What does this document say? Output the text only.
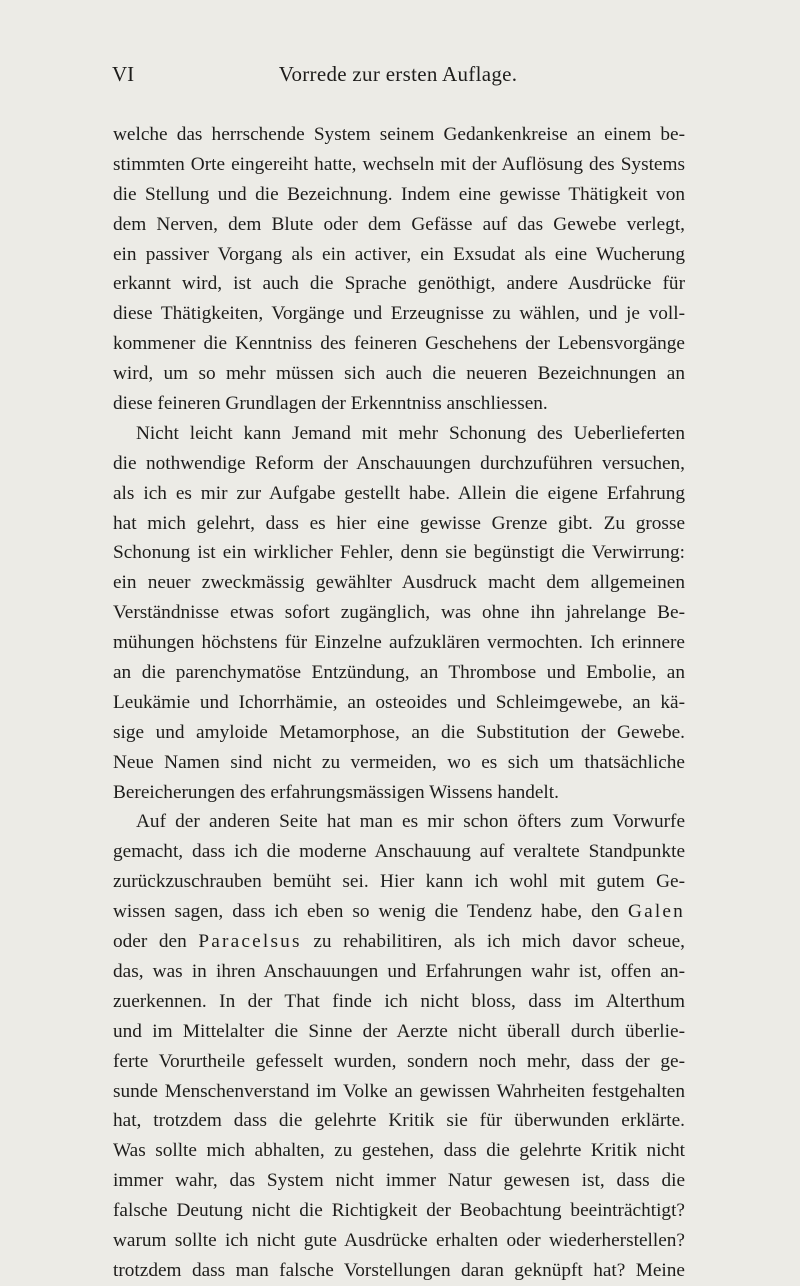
VI	Vorrede zur ersten Auflage.
welche das herrschende System seinem Gedankenkreise an einem be-
stimmten Orte eingereiht hatte, wechseln mit der Auflösung des Systems
die Stellung und die Bezeichnung. Indem eine gewisse Thätigkeit von
dem Nerven, dem Blute oder dem Gefässe auf das Gewebe verlegt,
ein passiver Vorgang als ein activer, ein Exsudat als eine Wucherung
erkannt wird, ist auch die Sprache genöthigt, andere Ausdrücke für
diese Thätigkeiten, Vorgänge und Erzeugnisse zu wählen, und je voll-
kommener die Kenntniss des feineren Geschehens der Lebensvorgänge
wird, um so mehr müssen sich auch die neueren Bezeichnungen an
diese feineren Grundlagen der Erkenntniss anschliessen.
Nicht leicht kann Jemand mit mehr Schonung des Ueberlieferten
die nothwendige Reform der Anschauungen durchzuführen versuchen,
als ich es mir zur Aufgabe gestellt habe. Allein die eigene Erfahrung
hat mich gelehrt, dass es hier eine gewisse Grenze gibt. Zu grosse
Schonung ist ein wirklicher Fehler, denn sie begünstigt die Verwirrung:
ein neuer zweckmässig gewählter Ausdruck macht dem allgemeinen
Verständnisse etwas sofort zugänglich, was ohne ihn jahrelange Be-
mühungen höchstens für Einzelne aufzuklären vermochten. Ich erinnere
an die parenchymatöse Entzündung, an Thrombose und Embolie, an
Leukämie und Ichorrhämie, an osteoides und Schleimgewebe, an kä-
sige und amyloide Metamorphose, an die Substitution der Gewebe.
Neue Namen sind nicht zu vermeiden, wo es sich um thatsächliche
Bereicherungen des erfahrungsmässigen Wissens handelt.
Auf der anderen Seite hat man es mir schon öfters zum Vorwurfe
gemacht, dass ich die moderne Anschauung auf veraltete Standpunkte
zurückzuschrauben bemüht sei. Hier kann ich wohl mit gutem Ge-
wissen sagen, dass ich eben so wenig die Tendenz habe, den Galen
oder den Paracelsus zu rehabilitiren, als ich mich davor scheue,
das, was in ihren Anschauungen und Erfahrungen wahr ist, offen an-
zuerkennen. In der That finde ich nicht bloss, dass im Alterthum
und im Mittelalter die Sinne der Aerzte nicht überall durch überlie-
ferte Vorurtheile gefesselt wurden, sondern noch mehr, dass der ge-
sunde Menschenverstand im Volke an gewissen Wahrheiten festgehalten
hat, trotzdem dass die gelehrte Kritik sie für überwunden erklärte.
Was sollte mich abhalten, zu gestehen, dass die gelehrte Kritik nicht
immer wahr, das System nicht immer Natur gewesen ist, dass die
falsche Deutung nicht die Richtigkeit der Beobachtung beeinträchtigt?
warum sollte ich nicht gute Ausdrücke erhalten oder wiederherstellen?
trotzdem dass man falsche Vorstellungen daran geknüpft hat? Meine
